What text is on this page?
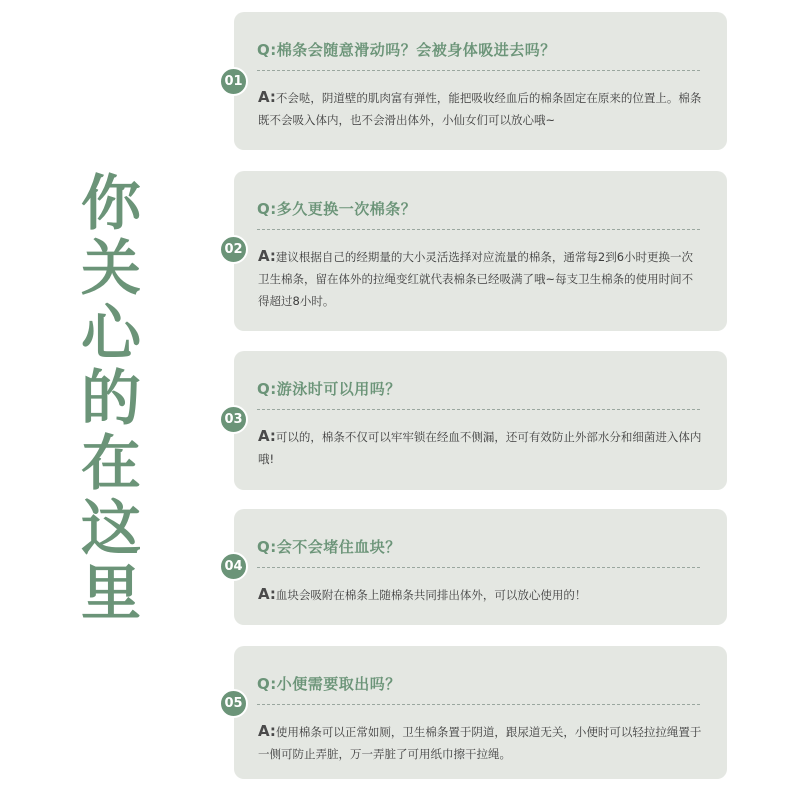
你
关
心
的
在
这
里
Q:棉条会随意滑动吗？会被身体吸进去吗？
A:不会哒，阴道壁的肌肉富有弹性，能把吸收经血后的棉条固定在原来的位置上。棉条既不会吸入体内，也不会滑出体外，小仙女们可以放心哦~
01
Q:多久更换一次棉条？
A:建议根据自己的经期量的大小灵活选择对应流量的棉条，通常每2到6小时更换一次卫生棉条，留在体外的拉绳变红就代表棉条已经吸满了哦~每支卫生棉条的使用时间不得超过8小时。
02
Q:游泳时可以用吗？
A:可以的，棉条不仅可以牢牢锁在经血不侧漏，还可有效防止外部水分和细菌进入体内哦!
03
Q:会不会堵住血块？
A:血块会吸附在棉条上随棉条共同排出体外，可以放心使用的！
04
Q:小便需要取出吗？
A:使用棉条可以正常如厕，卫生棉条置于阴道，跟尿道无关，小便时可以轻拉拉绳置于一侧可防止弄脏，万一弄脏了可用纸巾擦干拉绳。
05
